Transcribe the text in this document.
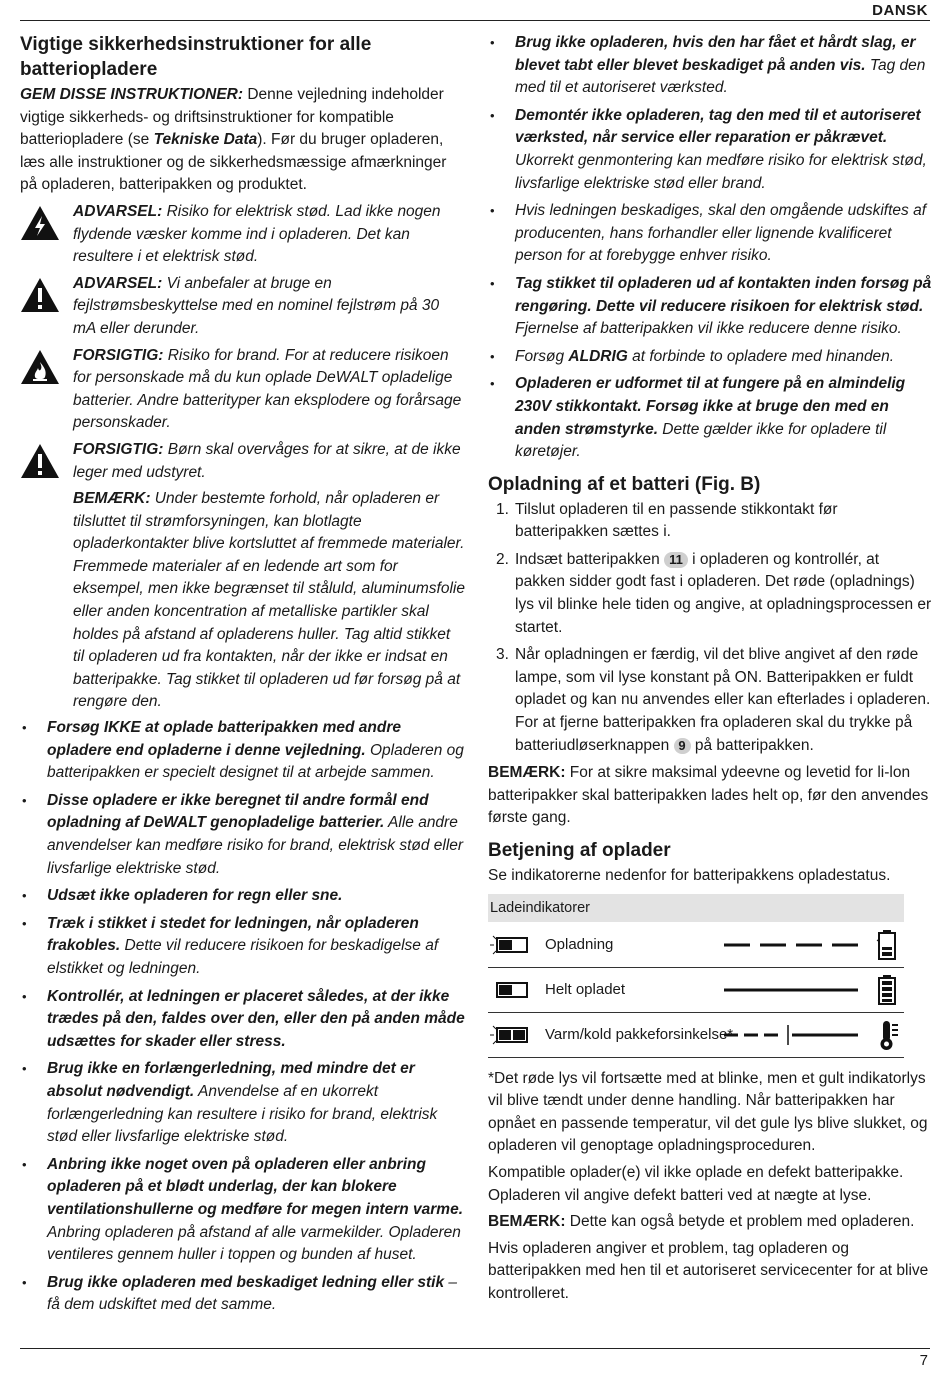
DANSK
Vigtige sikkerhedsinstruktioner for alle batteriopladere

GEM DISSE INSTRUKTIONER: Denne vejledning indeholder vigtige sikkerheds- og driftsinstruktioner for kompatible batteriopladere (se Tekniske Data). Før du bruger opladeren, læs alle instruktioner og de sikkerhedsmæssige afmærkninger på opladeren, batteripakken og produktet.

ADVARSEL: Risiko for elektrisk stød. Lad ikke nogen flydende væsker komme ind i opladeren. Det kan resultere i et elektrisk stød.
ADVARSEL: Vi anbefaler at bruge en fejlstrømsbeskyttelse med en nominel fejlstrøm på 30 mA eller derunder.
FORSIGTIG: Risiko for brand. For at reducere risikoen for personskade må du kun oplade DeWALT opladelige batterier. Andre batterityper kan eksplodere og forårsage personskader.
FORSIGTIG: Børn skal overvåges for at sikre, at de ikke leger med udstyret.
BEMÆRK: Under bestemte forhold, når opladeren er tilsluttet til strømforsyningen, kan blotlagte opladerkontakter blive kortsluttet af fremmede materialer. Fremmede materialer af en ledende art som for eksempel, men ikke begrænset til ståluld, aluminumsfolie eller anden koncentration af metalliske partikler skal holdes på afstand af opladerens huller. Tag altid stikket til opladeren ud fra kontakten, når der ikke er indsat en batteripakke. Tag stikket til opladeren ud før forsøg på at rengøre den.
• Forsøg IKKE at oplade batteripakken med andre opladere end opladerne i denne vejledning. Opladeren og batteripakken er specielt designet til at arbejde sammen.
• Disse opladere er ikke beregnet til andre formål end opladning af DeWALT genopladelige batterier. Alle andre anvendelser kan medføre risiko for brand, elektrisk stød eller livsfarlige elektriske stød.
• Udsæt ikke opladeren for regn eller sne.
• Træk i stikket i stedet for ledningen, når opladeren frakobles. Dette vil reducere risikoen for beskadigelse af elstikket og ledningen.
• Kontrollér, at ledningen er placeret således, at der ikke trædes på den, faldes over den, eller den på anden måde udsættes for skader eller stress.
• Brug ikke en forlængerledning, med mindre det er absolut nødvendigt. Anvendelse af en ukorrekt forlængerledning kan resultere i risiko for brand, elektrisk stød eller livsfarlige elektriske stød.
• Anbring ikke noget oven på opladeren eller anbring opladeren på et blødt underlag, der kan blokere ventilationshullerne og medføre for megen intern varme. Anbring opladeren på afstand af alle varmekilder. Opladeren ventileres gennem huller i toppen og bunden af huset.
• Brug ikke opladeren med beskadiget ledning eller stik –få dem udskiftet med det samme.
• Brug ikke opladeren, hvis den har fået et hårdt slag, er blevet tabt eller blevet beskadiget på anden vis. Tag den med til et autoriseret værksted.
• Demontér ikke opladeren, tag den med til et autoriseret værksted, når service eller reparation er påkrævet. Ukorrekt genmontering kan medføre risiko for elektrisk stød, livsfarlige elektriske stød eller brand.
• Hvis ledningen beskadiges, skal den omgående udskiftes af producenten, hans forhandler eller lignende kvalificeret person for at forebygge enhver risiko.
• Tag stikket til opladeren ud af kontakten inden forsøg på rengøring. Dette vil reducere risikoen for elektrisk stød. Fjernelse af batteripakken vil ikke reducere denne risiko.
• Forsøg ALDRIG at forbinde to opladere med hinanden.
• Opladeren er udformet til at fungere på en almindelig 230V stikkontakt. Forsøg ikke at bruge den med en anden strømstyrke. Dette gælder ikke for opladere til køretøjer.
Opladning af et batteri (Fig. B)
1. Tilslut opladeren til en passende stikkontakt før batteripakken sættes i.
2. Indsæt batteripakken 11 i opladeren og kontrollér, at pakken sidder godt fast i opladeren. Det røde (opladnings) lys vil blinke hele tiden og angive, at opladningsprocessen er startet.
3. Når opladningen er færdig, vil det blive angivet af den røde lampe, som vil lyse konstant på ON. Batteripakken er fuldt opladet og kan nu anvendes eller kan efterlades i opladeren. For at fjerne batteripakken fra opladeren skal du trykke på batteriudløserknappen 9 på batteripakken.

BEMÆRK: For at sikre maksimal ydeevne og levetid for li-lon batteripakker skal batteripakken lades helt op, før den anvendes første gang.

Betjening af oplader

Se indikatorerne nedenfor for batteripakkens opladestatus.

Ladeindikatorer
Opladning
Helt opladet
Varm/kold pakkeforsinkelse*

*Det røde lys vil fortsætte med at blinke, men et gult indikatorlys vil blive tændt under denne handling. Når batteripakken har opnået en passende temperatur, vil det gule lys blive slukket, og opladeren vil genoptage opladningsproceduren.

Kompatible oplader(e) vil ikke oplade en defekt batteripakke. Opladeren vil angive defekt batteri ved at nægte at lyse.

BEMÆRK: Dette kan også betyde et problem med opladeren.

Hvis opladeren angiver et problem, tag opladeren og batteripakken med hen til et autoriseret servicecenter for at blive kontrolleret.

7
